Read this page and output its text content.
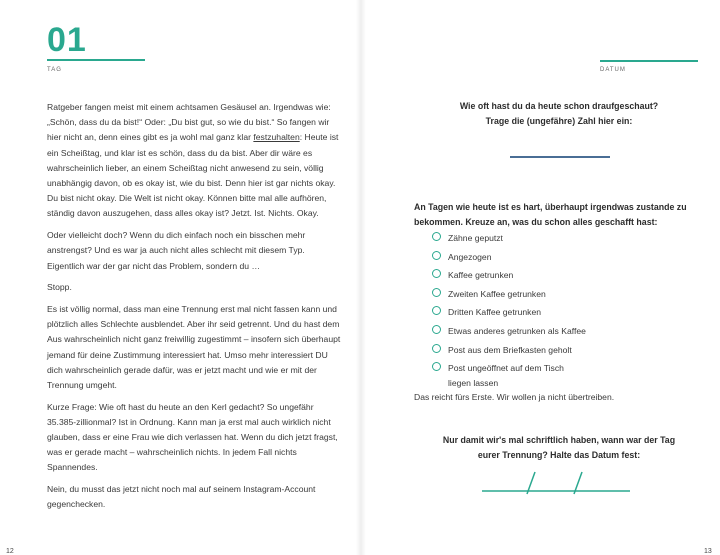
01
TAG

Ratgeber fangen meist mit einem achtsamen Gesäusel an. Irgendwas wie: „Schön, dass du da bist!“ Oder: „Du bist gut, so wie du bist.“ So fangen wir hier nicht an, denn eines gibt es ja wohl mal ganz klar festzuhalten: Heute ist ein Scheißtag, und klar ist es schön, dass du da bist. Aber dir wäre es wahrscheinlich lieber, an einem Scheißtag nicht anwesend zu sein, völlig unabhängig davon, ob es okay ist, wie du bist. Denn hier ist gar nichts okay. Du bist nicht okay. Die Welt ist nicht okay. Können bitte mal alle aufhören, ständig davon auszugehen, dass alles okay ist? Jetzt. Ist. Nichts. Okay.

Oder vielleicht doch? Wenn du dich einfach noch ein bisschen mehr anstrengst? Und es war ja auch nicht alles schlecht mit diesem Typ. Eigentlich war der gar nicht das Problem, sondern du …

Stopp.

Es ist völlig normal, dass man eine Trennung erst mal nicht fassen kann und plötzlich alles Schlechte ausblendet. Aber ihr seid getrennt. Und du hast dem Aus wahrscheinlich nicht ganz freiwillig zugestimmt – insofern sich überhaupt jemand für deine Zustimmung interessiert hat. Umso mehr interessiert DU dich wahrscheinlich gerade dafür, was er jetzt macht und wie er mit der Trennung umgeht.

Kurze Frage: Wie oft hast du heute an den Kerl gedacht? So ungefähr 35.385-zillionmal? Ist in Ordnung. Kann man ja erst mal auch wirklich nicht glauben, dass er eine Frau wie dich verlassen hat. Wenn du dich jetzt fragst, was er gerade macht – wahrscheinlich nichts. In jedem Fall nichts Spannendes.

Nein, du musst das jetzt nicht noch mal auf seinem Instagram-Account gegenchecken.

12
DATUM
Wie oft hast du da heute schon draufgeschaut?
Trage die (ungefähre) Zahl hier ein:
An Tagen wie heute ist es hart, überhaupt irgendwas zustande zu bekommen. Kreuze an, was du schon alles geschafft hast:
Zähne geputzt
Angezogen
Kaffee getrunken
Zweiten Kaffee getrunken
Dritten Kaffee getrunken
Etwas anderes getrunken als Kaffee
Post aus dem Briefkasten geholt
Post ungeöffnet auf dem Tisch liegen lassen
Das reicht fürs Erste. Wir wollen ja nicht übertreiben.
Nur damit wir's mal schriftlich haben, wann war der Tag
eurer Trennung? Halte das Datum fest:
13
